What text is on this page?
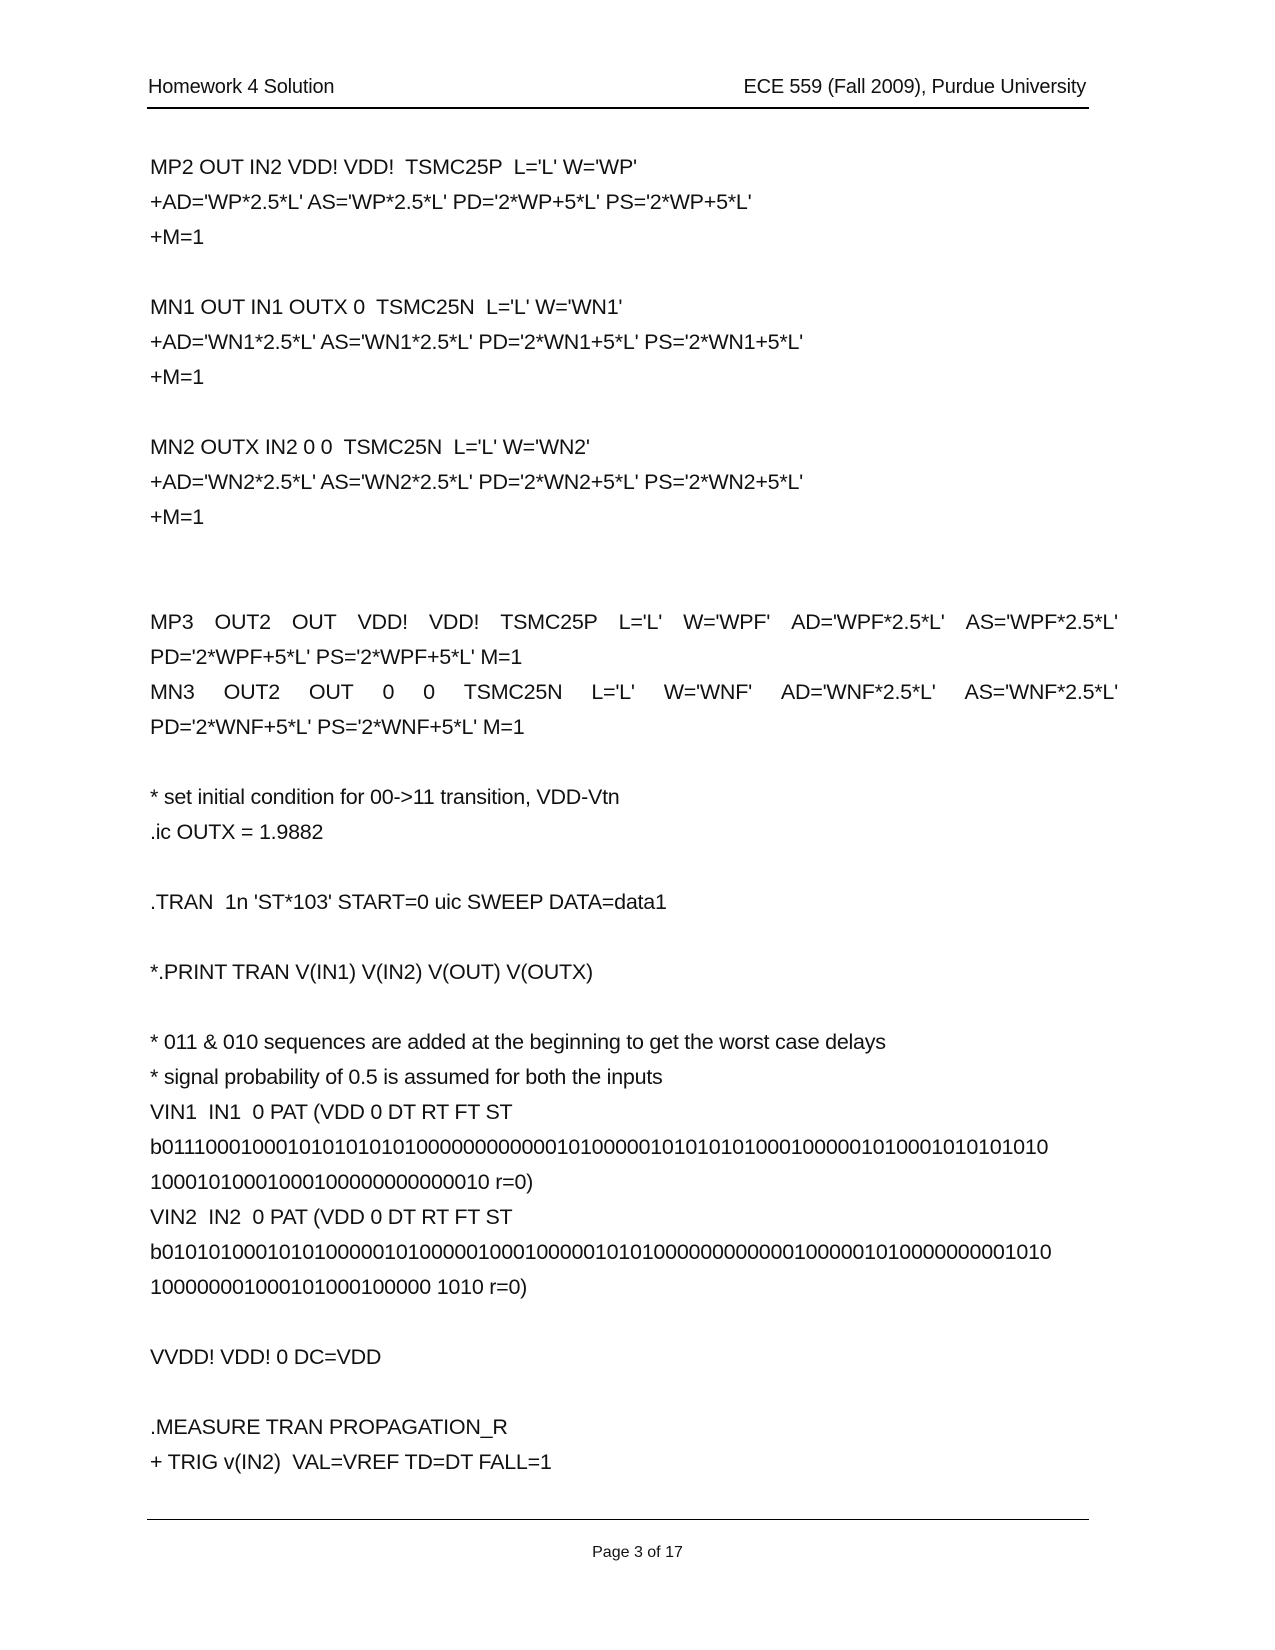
Homework 4 Solution	ECE 559 (Fall 2009), Purdue University
MP2 OUT IN2 VDD! VDD!  TSMC25P  L='L' W='WP'
+AD='WP*2.5*L' AS='WP*2.5*L' PD='2*WP+5*L' PS='2*WP+5*L'
+M=1
MN1 OUT IN1 OUTX 0  TSMC25N  L='L' W='WN1'
+AD='WN1*2.5*L' AS='WN1*2.5*L' PD='2*WN1+5*L' PS='2*WN1+5*L'
+M=1
MN2 OUTX IN2 0 0  TSMC25N  L='L' W='WN2'
+AD='WN2*2.5*L' AS='WN2*2.5*L' PD='2*WN2+5*L' PS='2*WN2+5*L'
+M=1
MP3 OUT2 OUT VDD! VDD! TSMC25P L='L' W='WPF' AD='WPF*2.5*L' AS='WPF*2.5*L'
PD='2*WPF+5*L' PS='2*WPF+5*L' M=1
MN3 OUT2 OUT 0 0 TSMC25N L='L' W='WNF' AD='WNF*2.5*L' AS='WNF*2.5*L'
PD='2*WNF+5*L' PS='2*WNF+5*L' M=1
* set initial condition for 00->11 transition, VDD-Vtn
.ic OUTX = 1.9882
.TRAN  1n 'ST*103' START=0 uic SWEEP DATA=data1
*.PRINT TRAN V(IN1) V(IN2) V(OUT) V(OUTX)
* 011 & 010 sequences are added at the beginning to get the worst case delays
* signal probability of 0.5 is assumed for both the inputs
VIN1  IN1  0 PAT (VDD 0 DT RT FT ST
b0111000100010101010101000000000000101000001010101010001000001010001010101010
10001010001000100000000000010 r=0)
VIN2  IN2  0 PAT (VDD 0 DT RT FT ST
b0101010001010100000101000001000100000101010000000000001000001010000000001010
100000001000101000100000 1010 r=0)
VVDD! VDD! 0 DC=VDD
.MEASURE TRAN PROPAGATION_R
+ TRIG v(IN2)  VAL=VREF TD=DT FALL=1
Page 3 of 17
